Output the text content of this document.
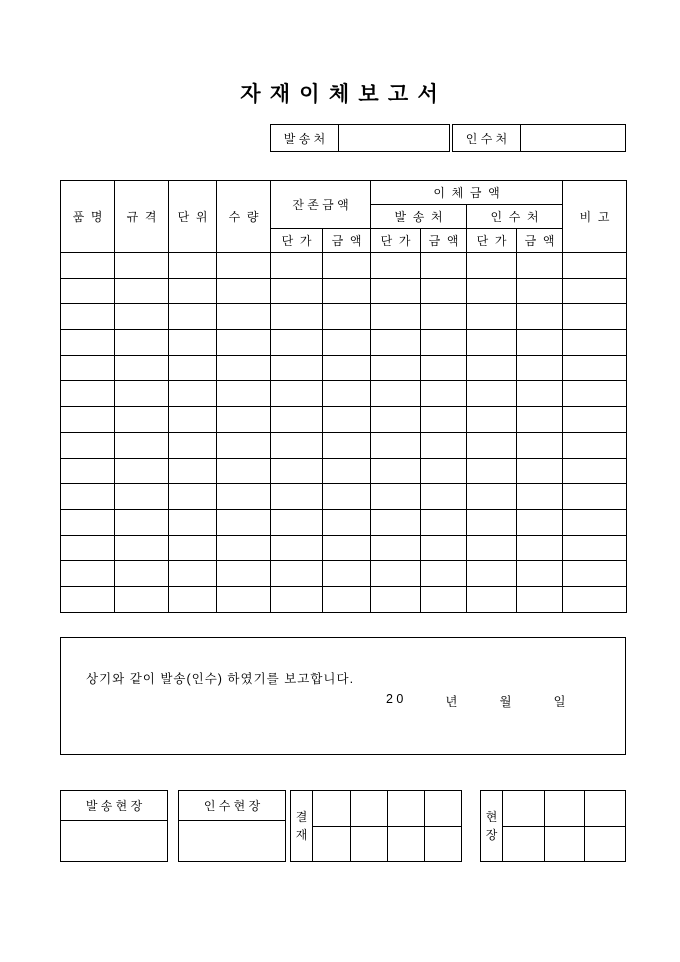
자 재 이 체 보 고 서
발 송 처	인 수 처
품  명	규  격	단  위	수  량	잔 존 금 액		이  체  금  액				비  고
						발  송  처		인  수  처		
				단  가	금  액	단  가	금  액	단  가	금  액	

상기와 같이 발송(인수) 하였기를 보고합니다.
2 0	년	월	일
발 송 현 장	인 수 현 장
결
재
현
장
